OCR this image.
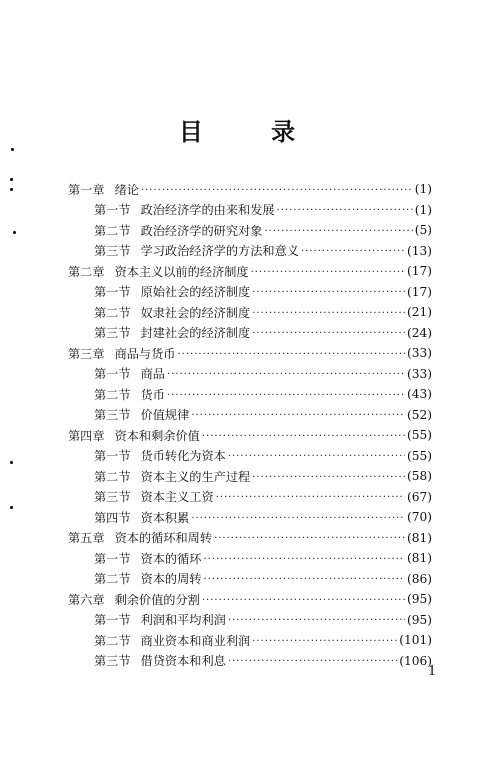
目 录
第一章 绪论 ·····	(1)
第一节 政治经济学的由来和发展 ·····	(1)
第二节 政治经济学的研究对象 ·····	(5)
第三节 学习政治经济学的方法和意义 ·····	(13)
第二章 资本主义以前的经济制度 ·····	(17)
第一节 原始社会的经济制度 ·····	(17)
第二节 奴隶社会的经济制度 ·····	(21)
第三节 封建社会的经济制度 ·····	(24)
第三章 商品与货币 ·····	(33)
第一节 商品 ·····	(33)
第二节 货币 ·····	(43)
第三节 价值规律 ·····	(52)
第四章 资本和剩余价值 ·····	(55)
第一节 货币转化为资本 ·····	(55)
第二节 资本主义的生产过程 ·····	(58)
第三节 资本主义工资 ·····	(67)
第四节 资本积累 ·····	(70)
第五章 资本的循环和周转 ·····	(81)
第一节 资本的循环 ·····	(81)
第二节 资本的周转 ·····	(86)
第六章 剩余价值的分割 ·····	(95)
第一节 利润和平均利润 ·····	(95)
第二节 商业资本和商业利润 ·····	(101)
第三节 借贷资本和利息 ·····	(106)
1
